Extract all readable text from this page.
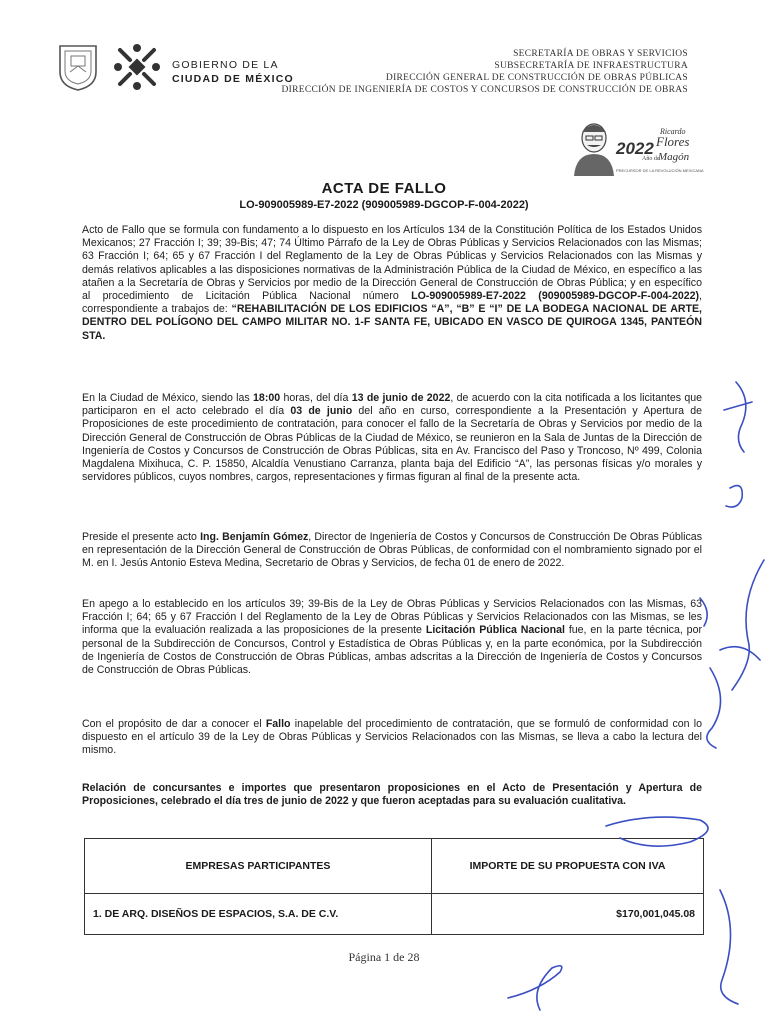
GOBIERNO DE LA
CIUDAD DE MÉXICO
SECRETARÍA DE OBRAS Y SERVICIOS
SUBSECRETARÍA DE INFRAESTRUCTURA
DIRECCIÓN GENERAL DE CONSTRUCCIÓN DE OBRAS PÚBLICAS
DIRECCIÓN DE INGENIERÍA DE COSTOS Y CONCURSOS DE CONSTRUCCIÓN DE OBRAS
2022
Ricardo
Flores
Año de
Magón
PRECURSOR DE LA REVOLUCIÓN MEXICANA
ACTA DE FALLO
LO-909005989-E7-2022 (909005989-DGCOP-F-004-2022)
Acto de Fallo que se formula con fundamento a lo dispuesto en los Artículos 134 de la Constitución Política de los Estados Unidos Mexicanos; 27 Fracción I; 39; 39-Bis; 47; 74 Último Párrafo de la Ley de Obras Públicas y Servicios Relacionados con las Mismas; 63 Fracción I; 64; 65 y 67 Fracción I del Reglamento de la Ley de Obras Públicas y Servicios Relacionados con las Mismas y demás relativos aplicables a las disposiciones normativas de la Administración Pública de la Ciudad de México, en específico a las atañen a la Secretaría de Obras y Servicios por medio de la Dirección General de Construcción de Obras Pública; y en específico al procedimiento de Licitación Pública Nacional número LO-909005989-E7-2022 (909005989-DGCOP-F-004-2022), correspondiente a trabajos de: “REHABILITACIÓN DE LOS EDIFICIOS “A”, “B” E “I” DE LA BODEGA NACIONAL DE ARTE, DENTRO DEL POLÍGONO DEL CAMPO MILITAR NO. 1-F SANTA FE, UBICADO EN VASCO DE QUIROGA 1345, PANTEÓN STA.
En la Ciudad de México, siendo las 18:00 horas, del día 13 de junio de 2022, de acuerdo con la cita notificada a los licitantes que participaron en el acto celebrado el día 03 de junio del año en curso, correspondiente a la Presentación y Apertura de Proposiciones de este procedimiento de contratación, para conocer el fallo de la Secretaría de Obras y Servicios por medio de la Dirección General de Construcción de Obras Públicas de la Ciudad de México, se reunieron en la Sala de Juntas de la Dirección de Ingeniería de Costos y Concursos de Construcción de Obras Públicas, sita en Av. Francisco del Paso y Troncoso, Nº 499, Colonia Magdalena Mixihuca, C. P. 15850, Alcaldía Venustiano Carranza, planta baja del Edificio “A”, las personas físicas y/o morales y servidores públicos, cuyos nombres, cargos, representaciones y firmas figuran al final de la presente acta.
Preside el presente acto Ing. Benjamín Gómez, Director de Ingeniería de Costos y Concursos de Construcción De Obras Públicas en representación de la Dirección General de Construcción de Obras Públicas, de conformidad con el nombramiento signado por el M. en I. Jesús Antonio Esteva Medina, Secretario de Obras y Servicios, de fecha 01 de enero de 2022.
En apego a lo establecido en los artículos 39; 39-Bis de la Ley de Obras Públicas y Servicios Relacionados con las Mismas, 63 Fracción I; 64; 65 y 67 Fracción I del Reglamento de la Ley de Obras Públicas y Servicios Relacionados con las Mismas, se les informa que la evaluación realizada a las proposiciones de la presente Licitación Pública Nacional fue, en la parte técnica, por personal de la Subdirección de Concursos, Control y Estadística de Obras Públicas y, en la parte económica, por la Subdirección de Ingeniería de Costos de Construcción de Obras Públicas, ambas adscritas a la Dirección de Ingeniería de Costos y Concursos de Construcción de Obras Públicas.
Con el propósito de dar a conocer el Fallo inapelable del procedimiento de contratación, que se formuló de conformidad con lo dispuesto en el artículo 39 de la Ley de Obras Públicas y Servicios Relacionados con las Mismas, se lleva a cabo la lectura del mismo.
Relación de concursantes e importes que presentaron proposiciones en el Acto de Presentación y Apertura de Proposiciones, celebrado el día tres de junio de 2022 y que fueron aceptadas para su evaluación cualitativa.
EMPRESAS PARTICIPANTES	IMPORTE DE SU PROPUESTA CON IVA
1. DE ARQ. DISEÑOS DE ESPACIOS, S.A. DE C.V.	$170,001,045.08
Página 1 de 28
